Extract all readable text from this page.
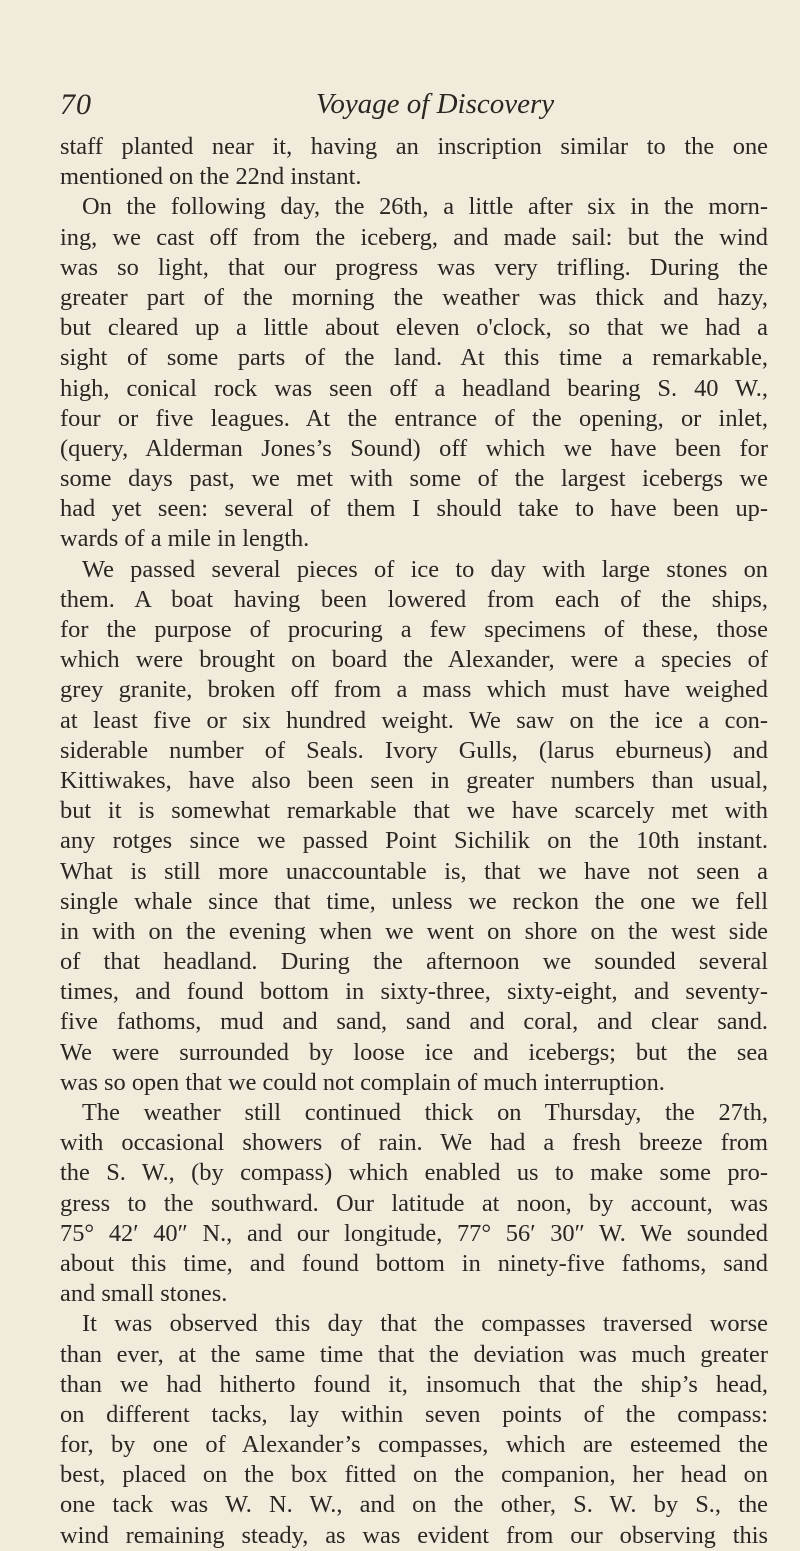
70	Voyage of Discovery
staff planted near it, having an inscription similar to the one
mentioned on the 22nd instant.
On the following day, the 26th, a little after six in the morn-
ing, we cast off from the iceberg, and made sail: but the wind
was so light, that our progress was very trifling. During the
greater part of the morning the weather was thick and hazy,
but cleared up a little about eleven o'clock, so that we had a
sight of some parts of the land. At this time a remarkable,
high, conical rock was seen off a headland bearing S. 40 W.,
four or five leagues. At the entrance of the opening, or inlet,
(query, Alderman Jones’s Sound) off which we have been for
some days past, we met with some of the largest icebergs we
had yet seen: several of them I should take to have been up-
wards of a mile in length.
We passed several pieces of ice to day with large stones on
them. A boat having been lowered from each of the ships,
for the purpose of procuring a few specimens of these, those
which were brought on board the Alexander, were a species of
grey granite, broken off from a mass which must have weighed
at least five or six hundred weight. We saw on the ice a con-
siderable number of Seals. Ivory Gulls, (larus eburneus) and
Kittiwakes, have also been seen in greater numbers than usual,
but it is somewhat remarkable that we have scarcely met with
any rotges since we passed Point Sichilik on the 10th instant.
What is still more unaccountable is, that we have not seen a
single whale since that time, unless we reckon the one we fell
in with on the evening when we went on shore on the west side
of that headland. During the afternoon we sounded several
times, and found bottom in sixty-three, sixty-eight, and seventy-
five fathoms, mud and sand, sand and coral, and clear sand.
We were surrounded by loose ice and icebergs; but the sea
was so open that we could not complain of much interruption.
The weather still continued thick on Thursday, the 27th,
with occasional showers of rain. We had a fresh breeze from
the S. W., (by compass) which enabled us to make some pro-
gress to the southward. Our latitude at noon, by account, was
75° 42′ 40″ N., and our longitude, 77° 56′ 30″ W. We sounded
about this time, and found bottom in ninety-five fathoms, sand
and small stones.
It was observed this day that the compasses traversed worse
than ever, at the same time that the deviation was much greater
than we had hitherto found it, insomuch that the ship’s head,
on different tacks, lay within seven points of the compass:
for, by one of Alexander’s compasses, which are esteemed the
best, placed on the box fitted on the companion, her head on
one tack was W. N. W., and on the other, S. W. by S., the
wind remaining steady, as was evident from our observing this
